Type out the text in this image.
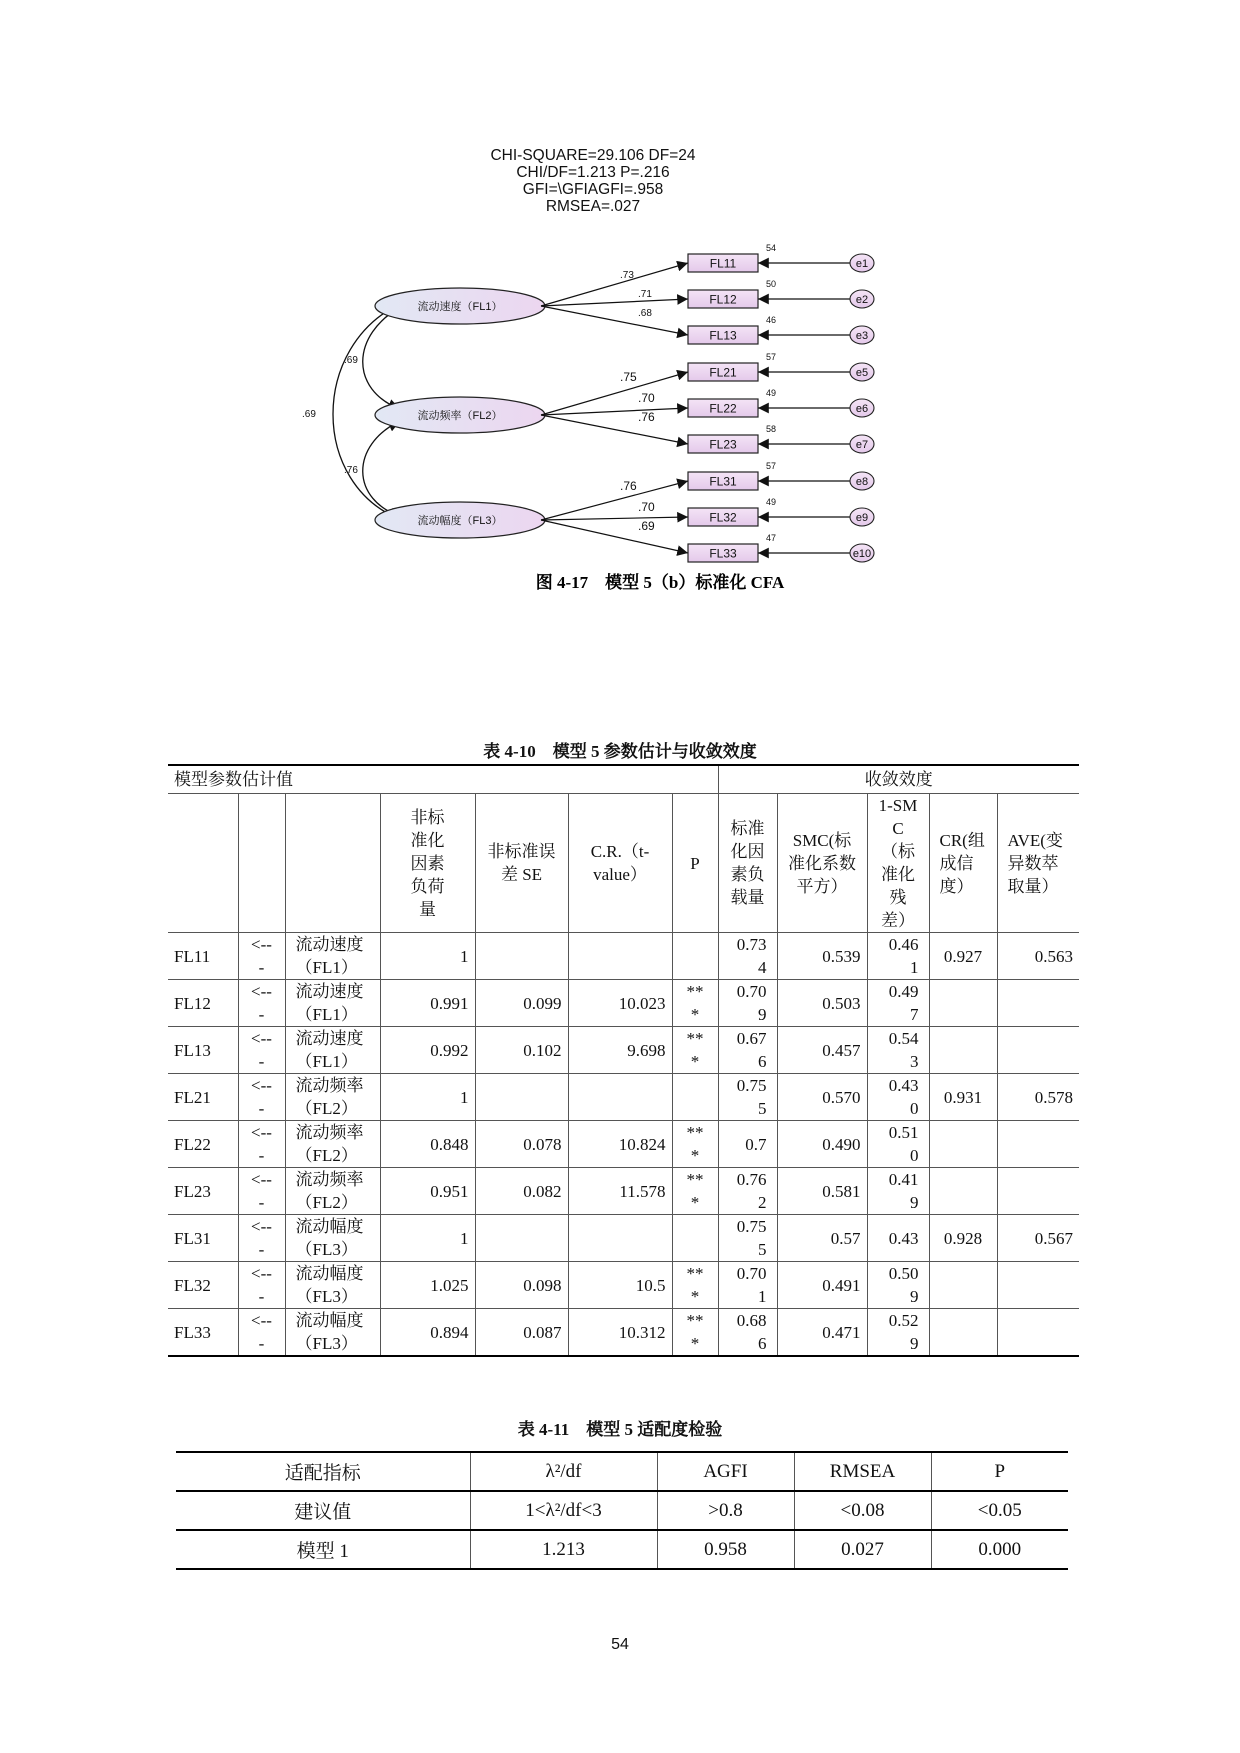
CHI-SQUARE=29.106 DF=24
CHI/DF=1.213 P=.216
GFI=\GFIAGFI=.958
RMSEA=.027
.69
.76
.69
流动速度（FL1）
.73
FL11
54
e1
.71	FL12
50
e2
.68
FL13
46
e3
流动频率（FL2）
.75	FL21
57
e5
.70
FL22
49
e6
.76
FL23
58
e7
流动幅度（FL3）
.76	FL31
57
e8
.70
FL32
49
e9
.69
FL33
47
e10
图 4-17　模型 5（b）标准化 CFA
表 4-10　模型 5 参数估计与收敛效度
模型参数估计值							收敛效度				
			非标准化因素负荷量	非标准误差 SE	C.R.（t-value）	P	标准化因素负载量	SMC(标准化系数平方）	1-SMC（标准化残差）	CR(组成信度）	AVE(变异数萃取量）
FL11	<---	流动速度（FL1）	1				0.734	0.539	0.461	0.927	0.563
FL12	<---	流动速度（FL1）	0.991	0.099	10.023	***	0.709	0.503	0.497		
FL13	<---	流动速度（FL1）	0.992	0.102	9.698	***	0.676	0.457	0.543		
FL21	<---	流动频率（FL2）	1				0.755	0.570	0.430	0.931	0.578
FL22	<---	流动频率（FL2）	0.848	0.078	10.824	***	0.7	0.490	0.510		
FL23	<---	流动频率（FL2）	0.951	0.082	11.578	***	0.762	0.581	0.419		
FL31	<---	流动幅度（FL3）	1				0.755	0.57	0.43	0.928	0.567
FL32	<---	流动幅度（FL3）	1.025	0.098	10.5	***	0.701	0.491	0.509		
FL33	<---	流动幅度（FL3）	0.894	0.087	10.312	***	0.686	0.471	0.529		
表 4-11　模型 5 适配度检验
适配指标	λ²/df	AGFI	RMSEA	P
建议值	1<λ²/df<3	>0.8	<0.08	<0.05
模型 1	1.213	0.958	0.027	0.000
54
